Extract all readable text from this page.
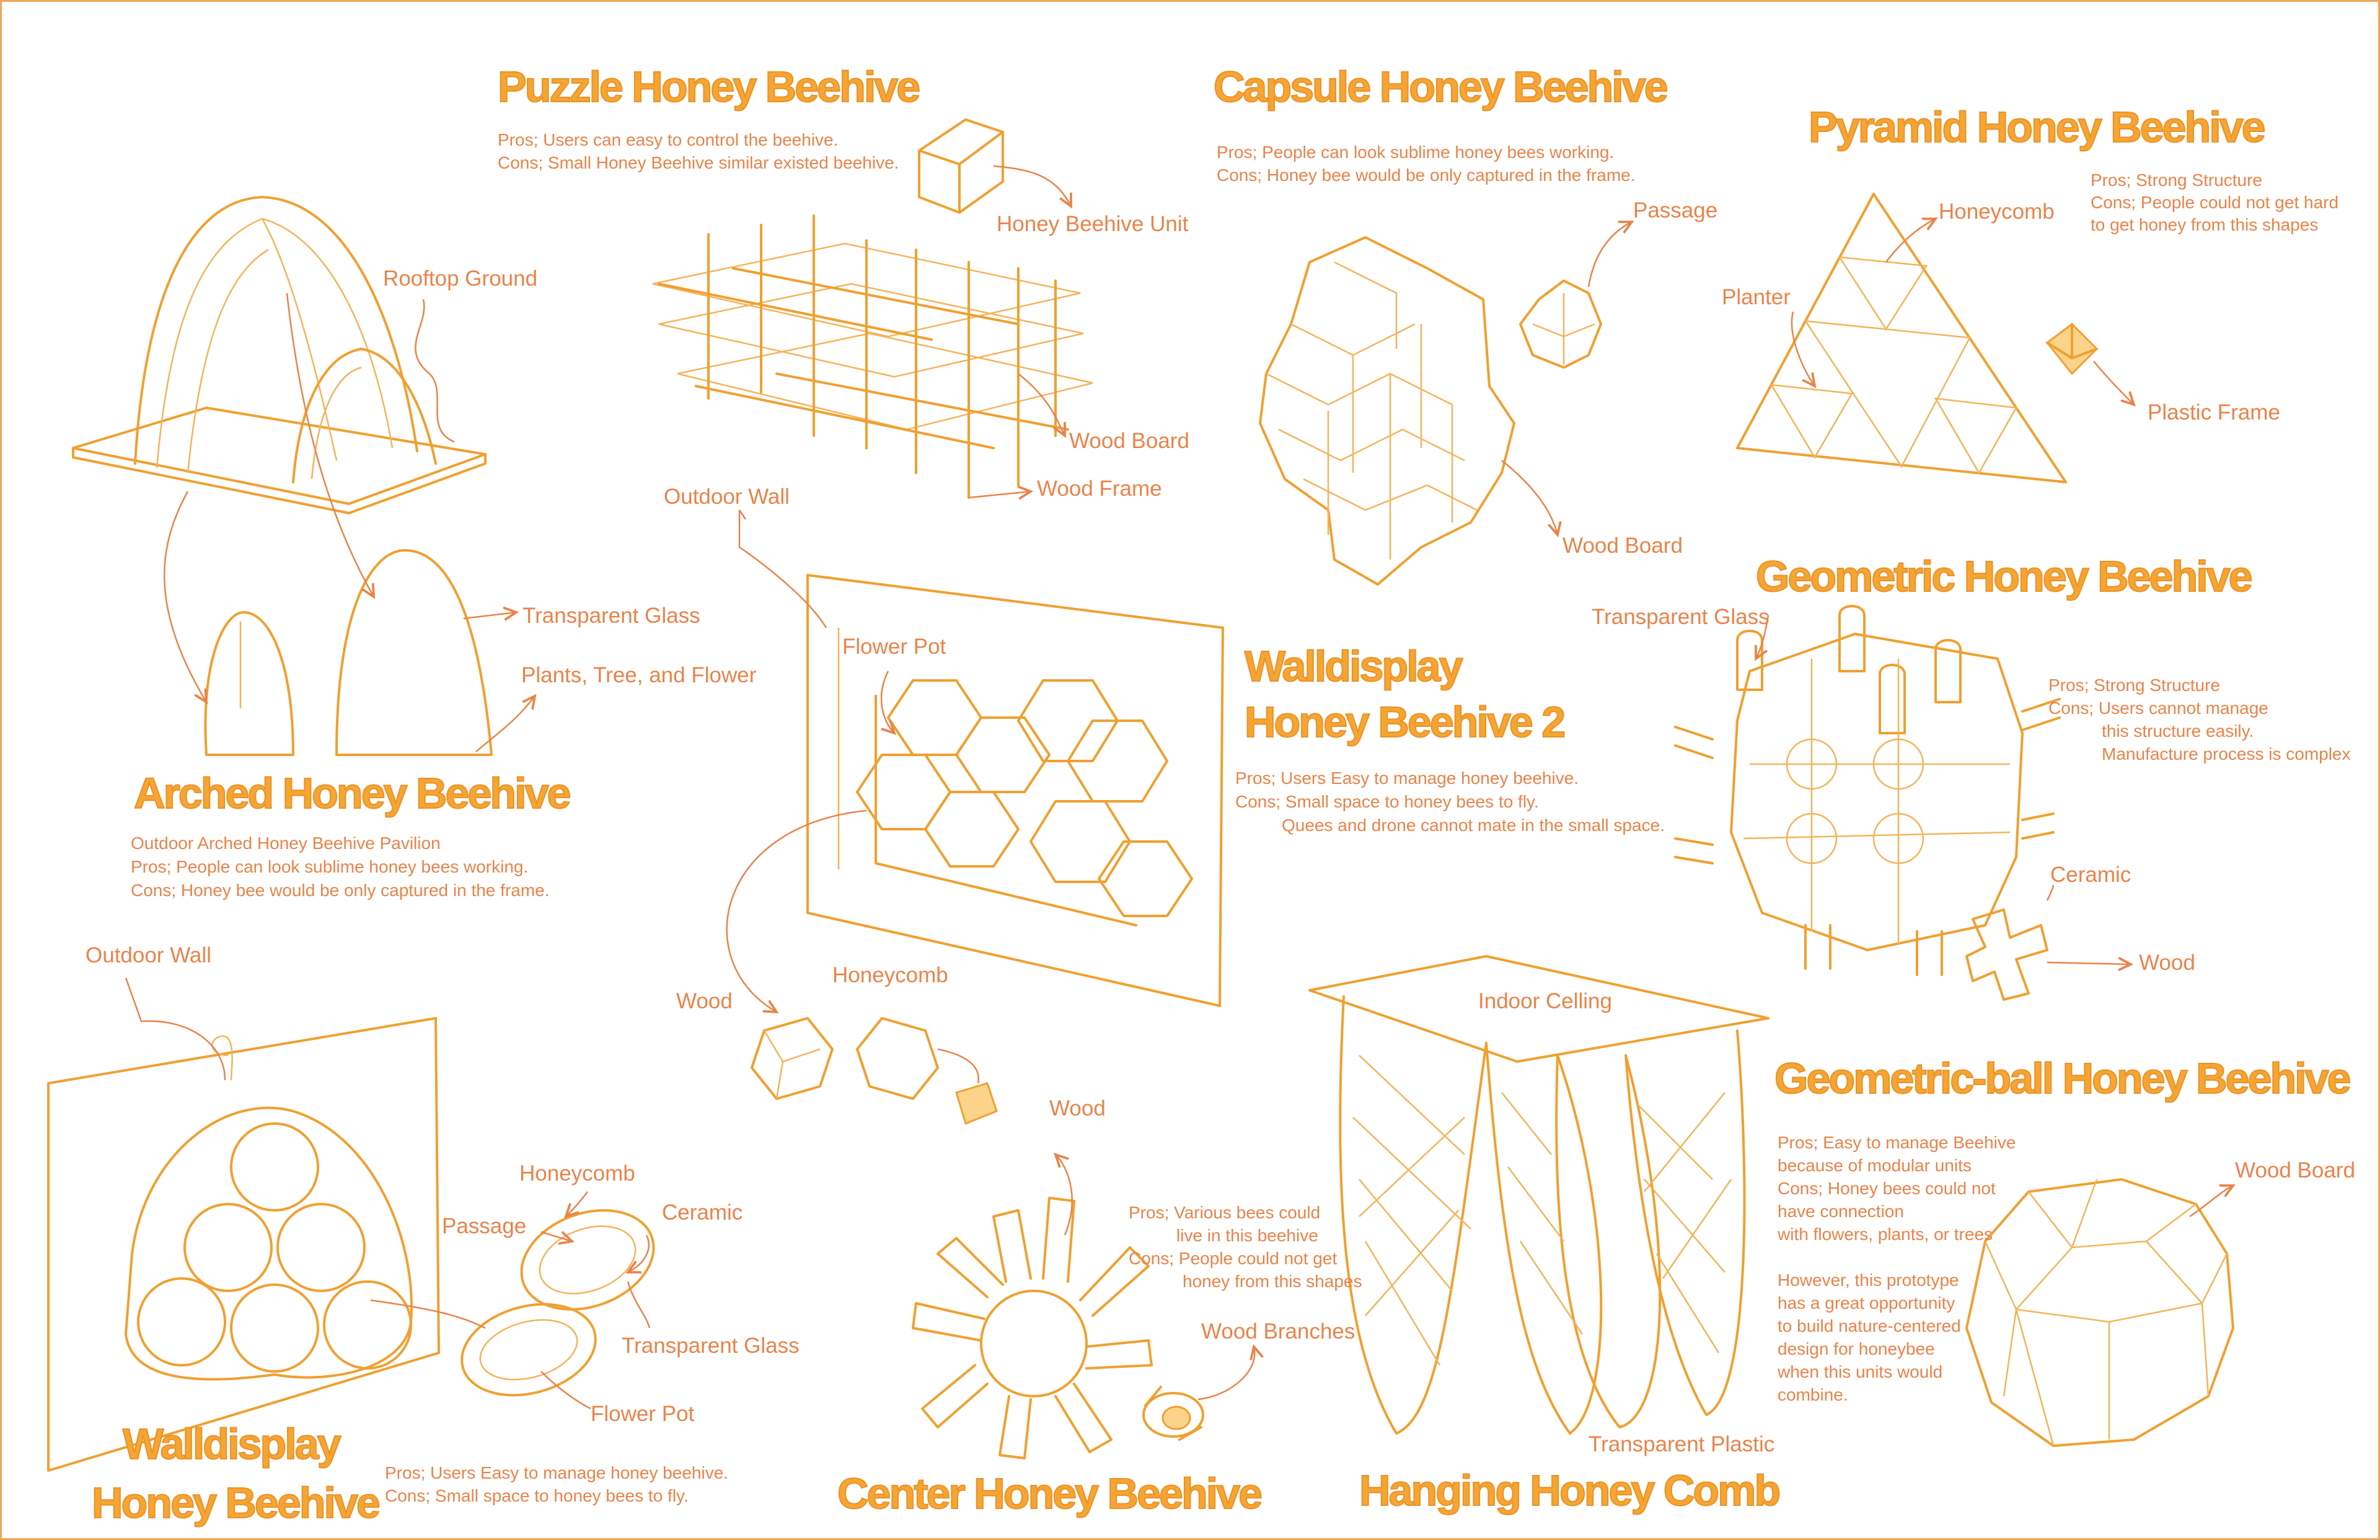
Puzzle Honey Beehive
Pros; Users can easy to control the beehive.
Cons; Small Honey Beehive similar existed beehive.
Honey Beehive Unit
Wood Board
Wood Frame
Capsule Honey Beehive
Pros; People can look sublime honey bees working.
Cons; Honey bee would be only captured in the frame.
Passage
Wood Board
Pyramid Honey Beehive
Pros; Strong Structure
Cons; People could not get hard
to get honey from this shapes
Honeycomb
Planter
Plastic Frame
Arched Honey Beehive
Outdoor Arched Honey Beehive Pavilion
Pros; People can look sublime honey bees working.
Cons; Honey bee would be only captured in the frame.
Rooftop Ground
Transparent Glass
Plants, Tree, and Flower	Walldisplay
Honey Beehive 2
Pros; Users Easy to manage honey beehive.
Cons; Small space to honey bees to fly.
Quees and drone cannot mate in the small space.
Outdoor Wall
Flower Pot
Wood
Honeycomb
Geometric Honey Beehive
Transparent Glass
Pros; Strong Structure
Cons; Users cannot manage
this structure easily.
Manufacture process is complex
Ceramic
Wood
Outdoor Wall
Honeycomb
Passage
Ceramic
Transparent Glass
Flower Pot
Walldisplay
Honey Beehive
Pros; Users Easy to manage honey beehive.
Cons; Small space to honey bees to fly.
Wood
Pros; Various bees could
live in this beehive
Cons; People could not get
honey from this shapes
Wood Branches
Center Honey Beehive
Indoor Celling
Transparent Plastic
Hanging Honey Comb
Geometric-ball Honey Beehive
Wood Board
Pros; Easy to manage Beehive
because of modular units
Cons; Honey bees could not
have connection
with flowers, plants, or trees
However, this prototype
has a great opportunity
to build nature-centered
design for honeybee
when this units would
combine.
